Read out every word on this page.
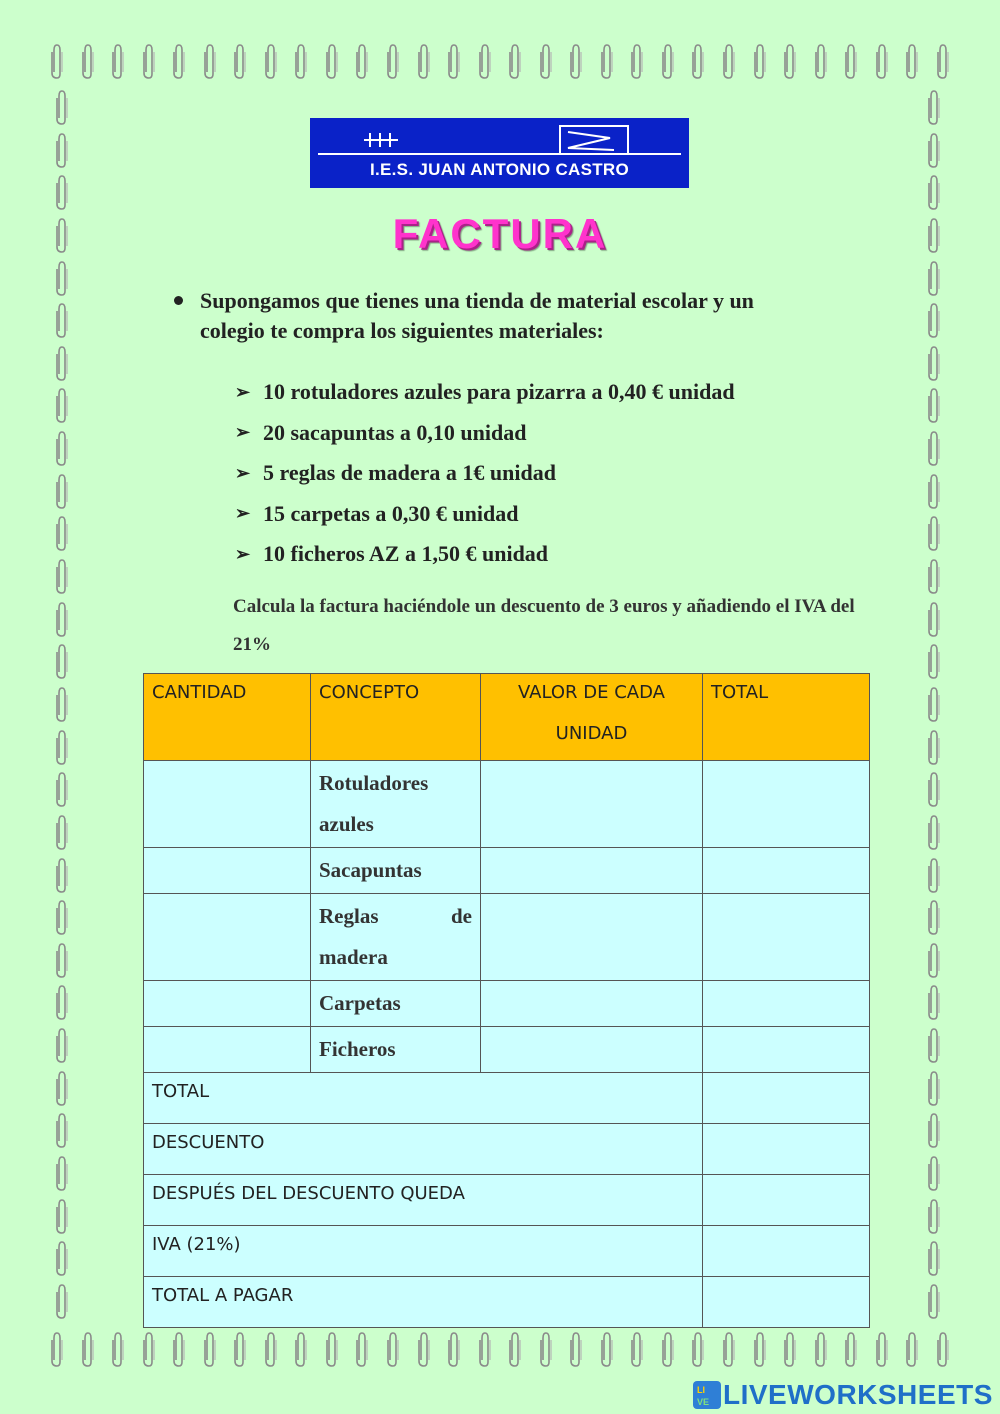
I.E.S. JUAN ANTONIO CASTRO
FACTURA
Supongamos que tienes una tienda de material escolar y un colegio te compra los siguientes materiales:
➢ 10 rotuladores azules para pizarra a 0,40 € unidad
➢ 20 sacapuntas a 0,10 unidad
➢ 5 reglas de madera a 1€ unidad
➢ 15 carpetas a 0,30 € unidad
➢ 10 ficheros AZ a 1,50 € unidad
Calcula la factura haciéndole un descuento de 3 euros y añadiendo el IVA del 21%
CANTIDAD	CONCEPTO	VALOR DE CADA UNIDAD	TOTAL

	Rotuladores azules		

	Sacapuntas		

	Reglas de madera		

	Carpetas		

	Ficheros		

TOTAL			
DESCUENTO			
DESPUÉS DEL DESCUENTO QUEDA			
IVA (21%)			
TOTAL A PAGAR			
LI
VE LIVEWORKSHEETS
